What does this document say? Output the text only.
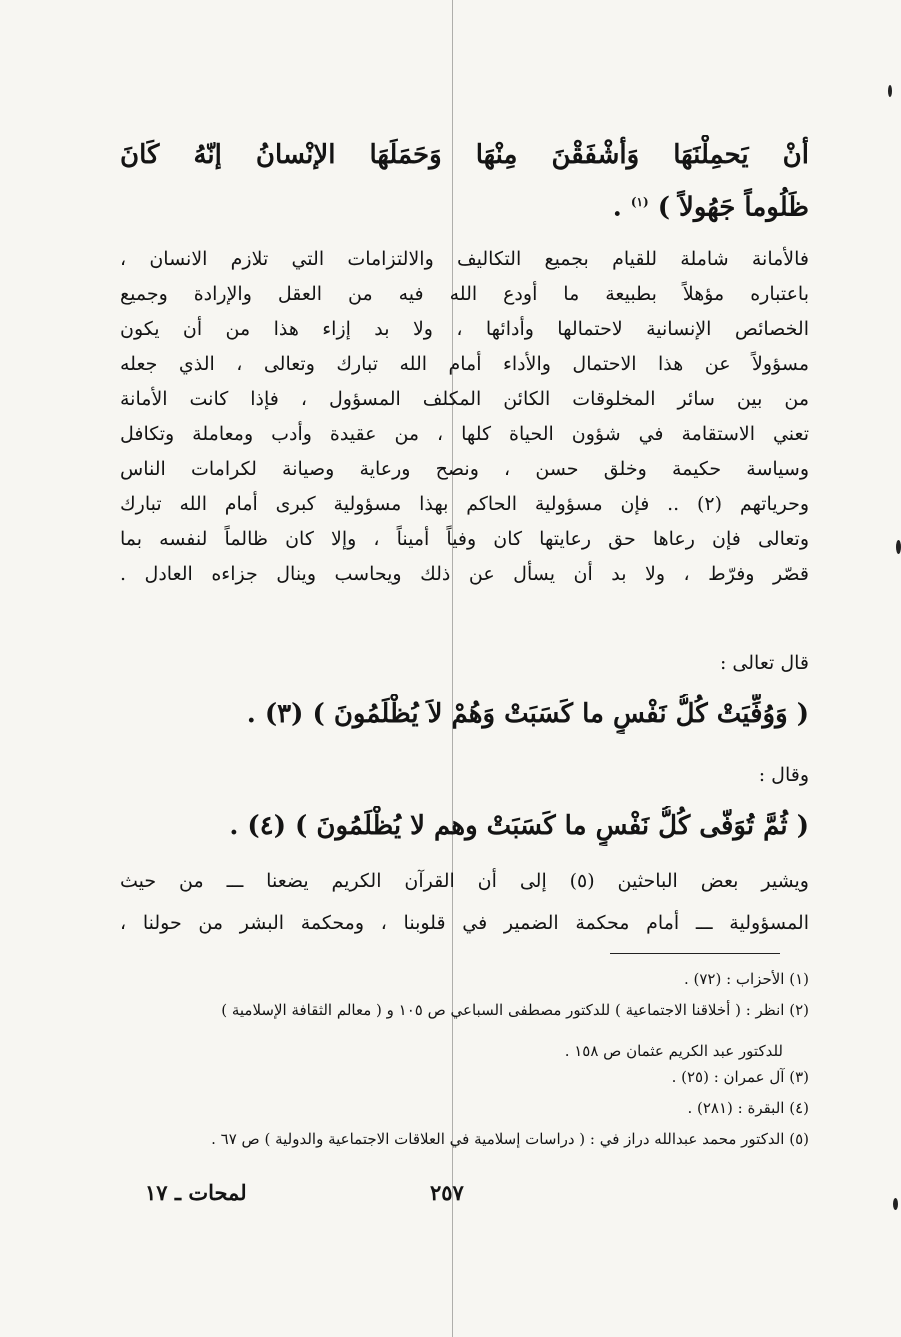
أنْ يَحمِلْنَهَا وَأشْفَقْنَ مِنْهَا وَحَمَلَهَا الإنْسانُ إنّهُ كَانَ
ظَلُوماً جَهُولاً ) $^{(١)}$ .
فالأمانة شاملة للقيام بجميع التكاليف والالتزامات التي تلازم الانسان ،
باعتباره مؤهلاً بطبيعة ما أودع الله فيه من العقل والإرادة وجميع
الخصائص الإنسانية لاحتمالها وأدائها ، ولا بد إزاء هذا من أن يكون
مسؤولاً عن هذا الاحتمال والأداء أمام الله تبارك وتعالى ، الذي جعله
من بين سائر المخلوقات الكائن المكلف المسؤول ، فإذا كانت الأمانة
تعني الاستقامة في شؤون الحياة كلها ، من عقيدة وأدب ومعاملة وتكافل
وسياسة حكيمة وخلق حسن ، ونصح ورعاية وصيانة لكرامات الناس
وحرياتهم (٢) .. فإن مسؤولية الحاكم بهذا مسؤولية كبرى أمام الله تبارك
وتعالى فإن رعاها حق رعايتها كان وفياً أميناً ، وإلا كان ظالماً لنفسه بما
قصّر وفرّط ، ولا بد أن يسأل عن ذلك ويحاسب وينال جزاءه العادل .
قال تعالى :
( وَوُفِّيَتْ كُلُّ نَفْسٍ ما كَسَبَتْ وَهُمْ لاَ يُظْلَمُونَ ) (٣) .
وقال :
( ثُمَّ تُوَفّى كُلُّ نَفْسٍ ما كَسَبَتْ وهم لا يُظْلَمُونَ ) (٤) .
ويشير بعض الباحثين (٥) إلى أن القرآن الكريم يضعنا ـــ من حيث
المسؤولية ـــ أمام محكمة الضمير في قلوبنا ، ومحكمة البشر من حولنا ،
(١) الأحزاب : (٧٢) .
(٢) انظر : ( أخلاقنا الاجتماعية ) للدكتور مصطفى السباعي ص ١٠٥ و ( معالم الثقافة الإسلامية )
للدكتور عبد الكريم عثمان ص ١٥٨ .
(٣) آل عمران : (٢٥) .
(٤) البقرة : (٢٨١) .
(٥) الدكتور محمد عبدالله دراز في : ( دراسات إسلامية في العلاقات الاجتماعية والدولية ) ص ٦٧ .
٢٥٧
لمحات ـ ١٧
